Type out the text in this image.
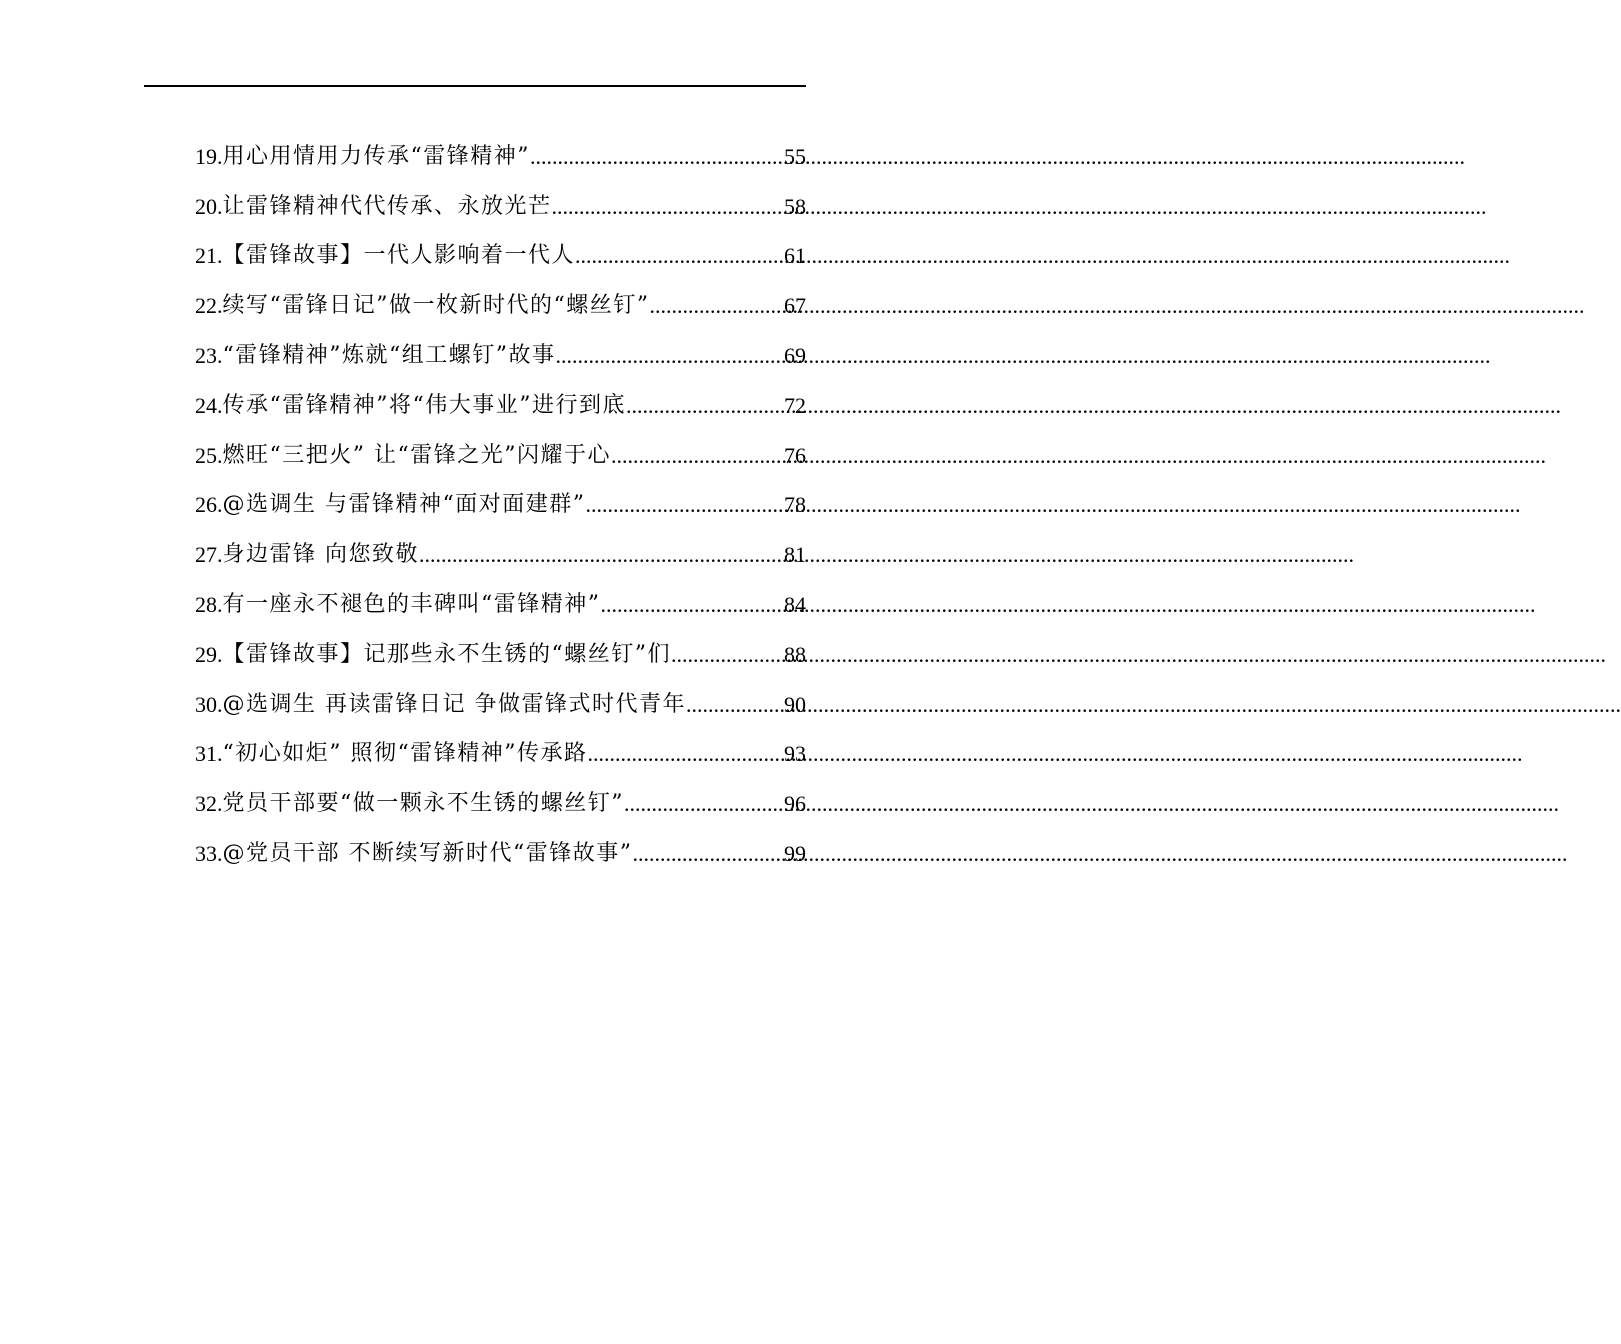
19. 用心用情用力传承“雷锋精神” .....	55
20. 让雷锋精神代代传承、永放光芒 .....	58
21. 【雷锋故事】一代人影响着一代人 .....	61
22. 续写“雷锋日记”做一枚新时代的“螺丝钉” .....	67
23. “雷锋精神”炼就“组工螺钉”故事 .....	69
24. 传承“雷锋精神”将“伟大事业”进行到底 .....	72
25. 燃旺“三把火” 让“雷锋之光”闪耀于心 .....	76
26. @选调生 与雷锋精神“面对面建群” .....	78
27. 身边雷锋 向您致敬 .....	81
28. 有一座永不褪色的丰碑叫“雷锋精神” .....	84
29. 【雷锋故事】记那些永不生锈的“螺丝钉”们 .....	88
30. @选调生 再读雷锋日记 争做雷锋式时代青年 .....	90
31. “初心如炬” 照彻“雷锋精神”传承路 .....	93
32. 党员干部要“做一颗永不生锈的螺丝钉” .....	96
33. @党员干部 不断续写新时代“雷锋故事” .....	99
